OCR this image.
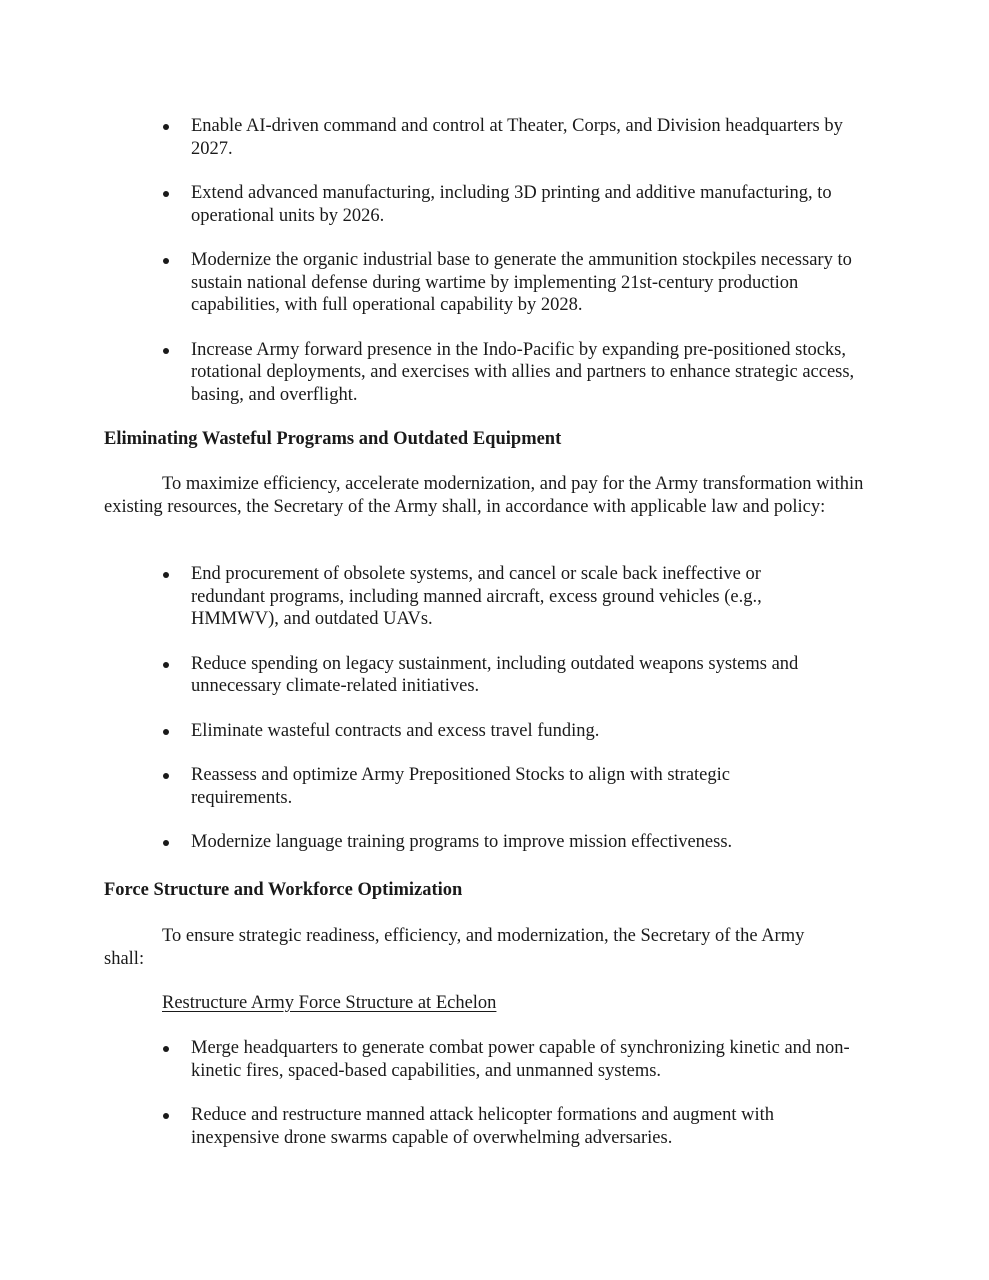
Enable AI-driven command and control at Theater, Corps, and Division headquarters by 2027.
Extend advanced manufacturing, including 3D printing and additive manufacturing, to operational units by 2026.
Modernize the organic industrial base to generate the ammunition stockpiles necessary to sustain national defense during wartime by implementing 21st-century production capabilities, with full operational capability by 2028.
Increase Army forward presence in the Indo-Pacific by expanding pre-positioned stocks, rotational deployments, and exercises with allies and partners to enhance strategic access, basing, and overflight.
Eliminating Wasteful Programs and Outdated Equipment

To maximize efficiency, accelerate modernization, and pay for the Army transformation within existing resources, the Secretary of the Army shall, in accordance with applicable law and policy:

End procurement of obsolete systems, and cancel or scale back ineffective or redundant programs, including manned aircraft, excess ground vehicles (e.g., HMMWV), and outdated UAVs.
Reduce spending on legacy sustainment, including outdated weapons systems and unnecessary climate-related initiatives.
Eliminate wasteful contracts and excess travel funding.
Reassess and optimize Army Prepositioned Stocks to align with strategic requirements.
Modernize language training programs to improve mission effectiveness.
Force Structure and Workforce Optimization

To ensure strategic readiness, efficiency, and modernization, the Secretary of the Army shall:

Restructure Army Force Structure at Echelon

Merge headquarters to generate combat power capable of synchronizing kinetic and non-kinetic fires, spaced-based capabilities, and unmanned systems.
Reduce and restructure manned attack helicopter formations and augment with inexpensive drone swarms capable of overwhelming adversaries.
